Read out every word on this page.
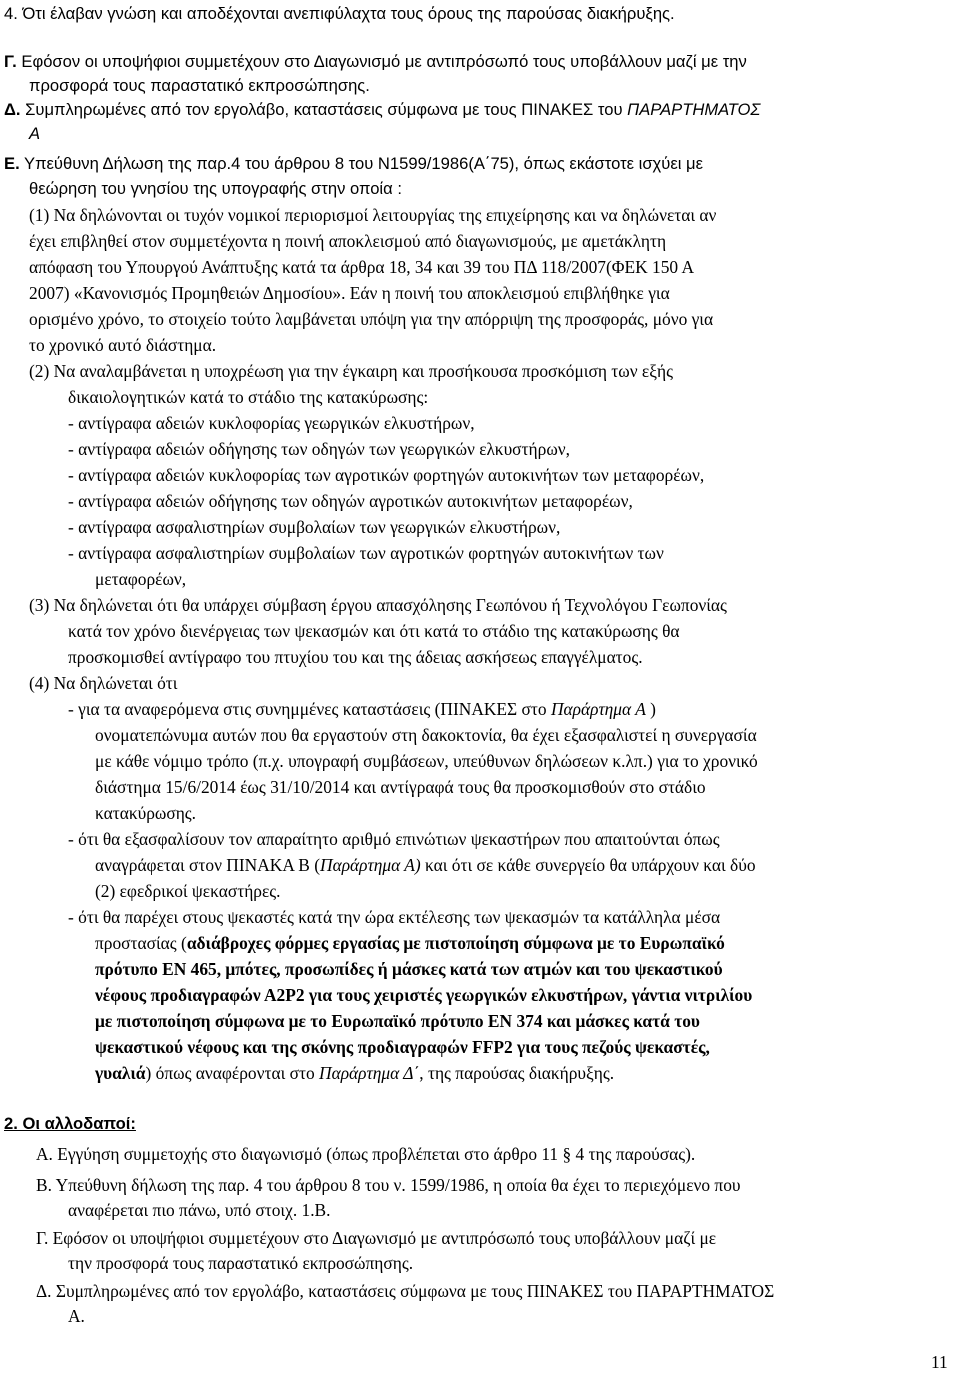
4. Ότι έλαβαν γνώση και αποδέχονται ανεπιφύλαχτα τους όρους της παρούσας διακήρυξης.
Γ. Εφόσον οι υποψήφιοι συμμετέχουν στο Διαγωνισμό με αντιπρόσωπό τους υποβάλλουν μαζί με την
προσφορά τους παραστατικό εκπροσώπησης.
Δ. Συμπληρωμένες από τον εργολάβο, καταστάσεις σύμφωνα με τους ΠΙΝΑΚΕΣ του ΠΑΡΑΡΤΗΜΑΤΟΣ
Α
Ε. Υπεύθυνη Δήλωση της παρ.4 του άρθρου 8 του Ν1599/1986(Α΄75), όπως εκάστοτε ισχύει με
θεώρηση του γνησίου της υπογραφής στην οποία :
(1) Να δηλώνονται οι τυχόν νομικοί περιορισμοί λειτουργίας της επιχείρησης και να δηλώνεται αν
έχει επιβληθεί στον συμμετέχοντα η ποινή αποκλεισμού από διαγωνισμούς, με αμετάκλητη
απόφαση του Υπουργού Ανάπτυξης κατά τα άρθρα 18, 34 και 39 του ΠΔ 118/2007(ΦΕΚ 150 Α
2007) «Κανονισμός Προμηθειών Δημοσίου». Εάν η ποινή του αποκλεισμού επιβλήθηκε για
ορισμένο χρόνο, το στοιχείο τούτο λαμβάνεται υπόψη για την απόρριψη της προσφοράς, μόνο για
το χρονικό αυτό διάστημα.
(2) Να αναλαμβάνεται η υποχρέωση για την έγκαιρη και προσήκουσα προσκόμιση των εξής
δικαιολογητικών κατά το στάδιο της κατακύρωσης:
- αντίγραφα αδειών κυκλοφορίας γεωργικών ελκυστήρων,
- αντίγραφα αδειών οδήγησης των οδηγών των γεωργικών ελκυστήρων,
- αντίγραφα αδειών κυκλοφορίας των αγροτικών φορτηγών αυτοκινήτων των μεταφορέων,
- αντίγραφα αδειών οδήγησης των οδηγών αγροτικών αυτοκινήτων μεταφορέων,
- αντίγραφα ασφαλιστηρίων συμβολαίων των γεωργικών ελκυστήρων,
- αντίγραφα ασφαλιστηρίων συμβολαίων των αγροτικών φορτηγών αυτοκινήτων των
μεταφορέων,
(3) Να δηλώνεται ότι θα υπάρχει σύμβαση έργου απασχόλησης Γεωπόνου ή Τεχνολόγου Γεωπονίας
κατά τον χρόνο διενέργειας των ψεκασμών και ότι κατά το στάδιο της κατακύρωσης θα
προσκομισθεί αντίγραφο του πτυχίου του και της άδειας ασκήσεως επαγγέλματος.
(4) Να δηλώνεται ότι
- για τα αναφερόμενα στις συνημμένες καταστάσεις (ΠΙΝΑΚΕΣ στο Παράρτημα Α )
ονοματεπώνυμα αυτών που θα εργαστούν στη δακοκτονία, θα έχει εξασφαλιστεί η συνεργασία
με κάθε νόμιμο τρόπο (π.χ. υπογραφή συμβάσεων, υπεύθυνων δηλώσεων κ.λπ.) για το χρονικό
διάστημα 15/6/2014 έως 31/10/2014 και αντίγραφά τους θα προσκομισθούν στο στάδιο
κατακύρωσης.
- ότι θα εξασφαλίσουν τον απαραίτητο αριθμό επινώτιων ψεκαστήρων που απαιτούνται όπως
αναγράφεται στον ΠΙΝΑΚΑ Β (Παράρτημα Α) και ότι σε κάθε συνεργείο θα υπάρχουν και δύο
(2) εφεδρικοί ψεκαστήρες.
- ότι θα παρέχει στους ψεκαστές κατά την ώρα εκτέλεσης των ψεκασμών τα κατάλληλα μέσα
προστασίας (αδιάβροχες φόρμες εργασίας με πιστοποίηση σύμφωνα με το Ευρωπαϊκό
πρότυπο ΕΝ 465, μπότες, προσωπίδες ή μάσκες κατά των ατμών και του ψεκαστικού
νέφους προδιαγραφών Α2Ρ2 για τους χειριστές γεωργικών ελκυστήρων, γάντια νιτριλίου
με πιστοποίηση σύμφωνα με το Ευρωπαϊκό πρότυπο ΕΝ 374 και μάσκες κατά του
ψεκαστικού νέφους και της σκόνης προδιαγραφών FFP2 για τους πεζούς ψεκαστές,
γυαλιά) όπως αναφέρονται στο Παράρτημα Δ΄, της παρούσας διακήρυξης.
2. Οι αλλοδαποί:
Α. Εγγύηση συμμετοχής στο διαγωνισμό (όπως προβλέπεται στο άρθρο 11 § 4 της παρούσας).
Β. Υπεύθυνη δήλωση της παρ. 4 του άρθρου 8 του ν. 1599/1986, η οποία θα έχει το περιεχόμενο που
αναφέρεται πιο πάνω, υπό στοιχ. 1.Β.
Γ. Εφόσον οι υποψήφιοι συμμετέχουν στο Διαγωνισμό με αντιπρόσωπό τους υποβάλλουν μαζί με
την προσφορά τους παραστατικό εκπροσώπησης.
Δ. Συμπληρωμένες από τον εργολάβο, καταστάσεις σύμφωνα με τους ΠΙΝΑΚΕΣ του ΠΑΡΑΡΤΗΜΑΤΟΣ
Α.
11
